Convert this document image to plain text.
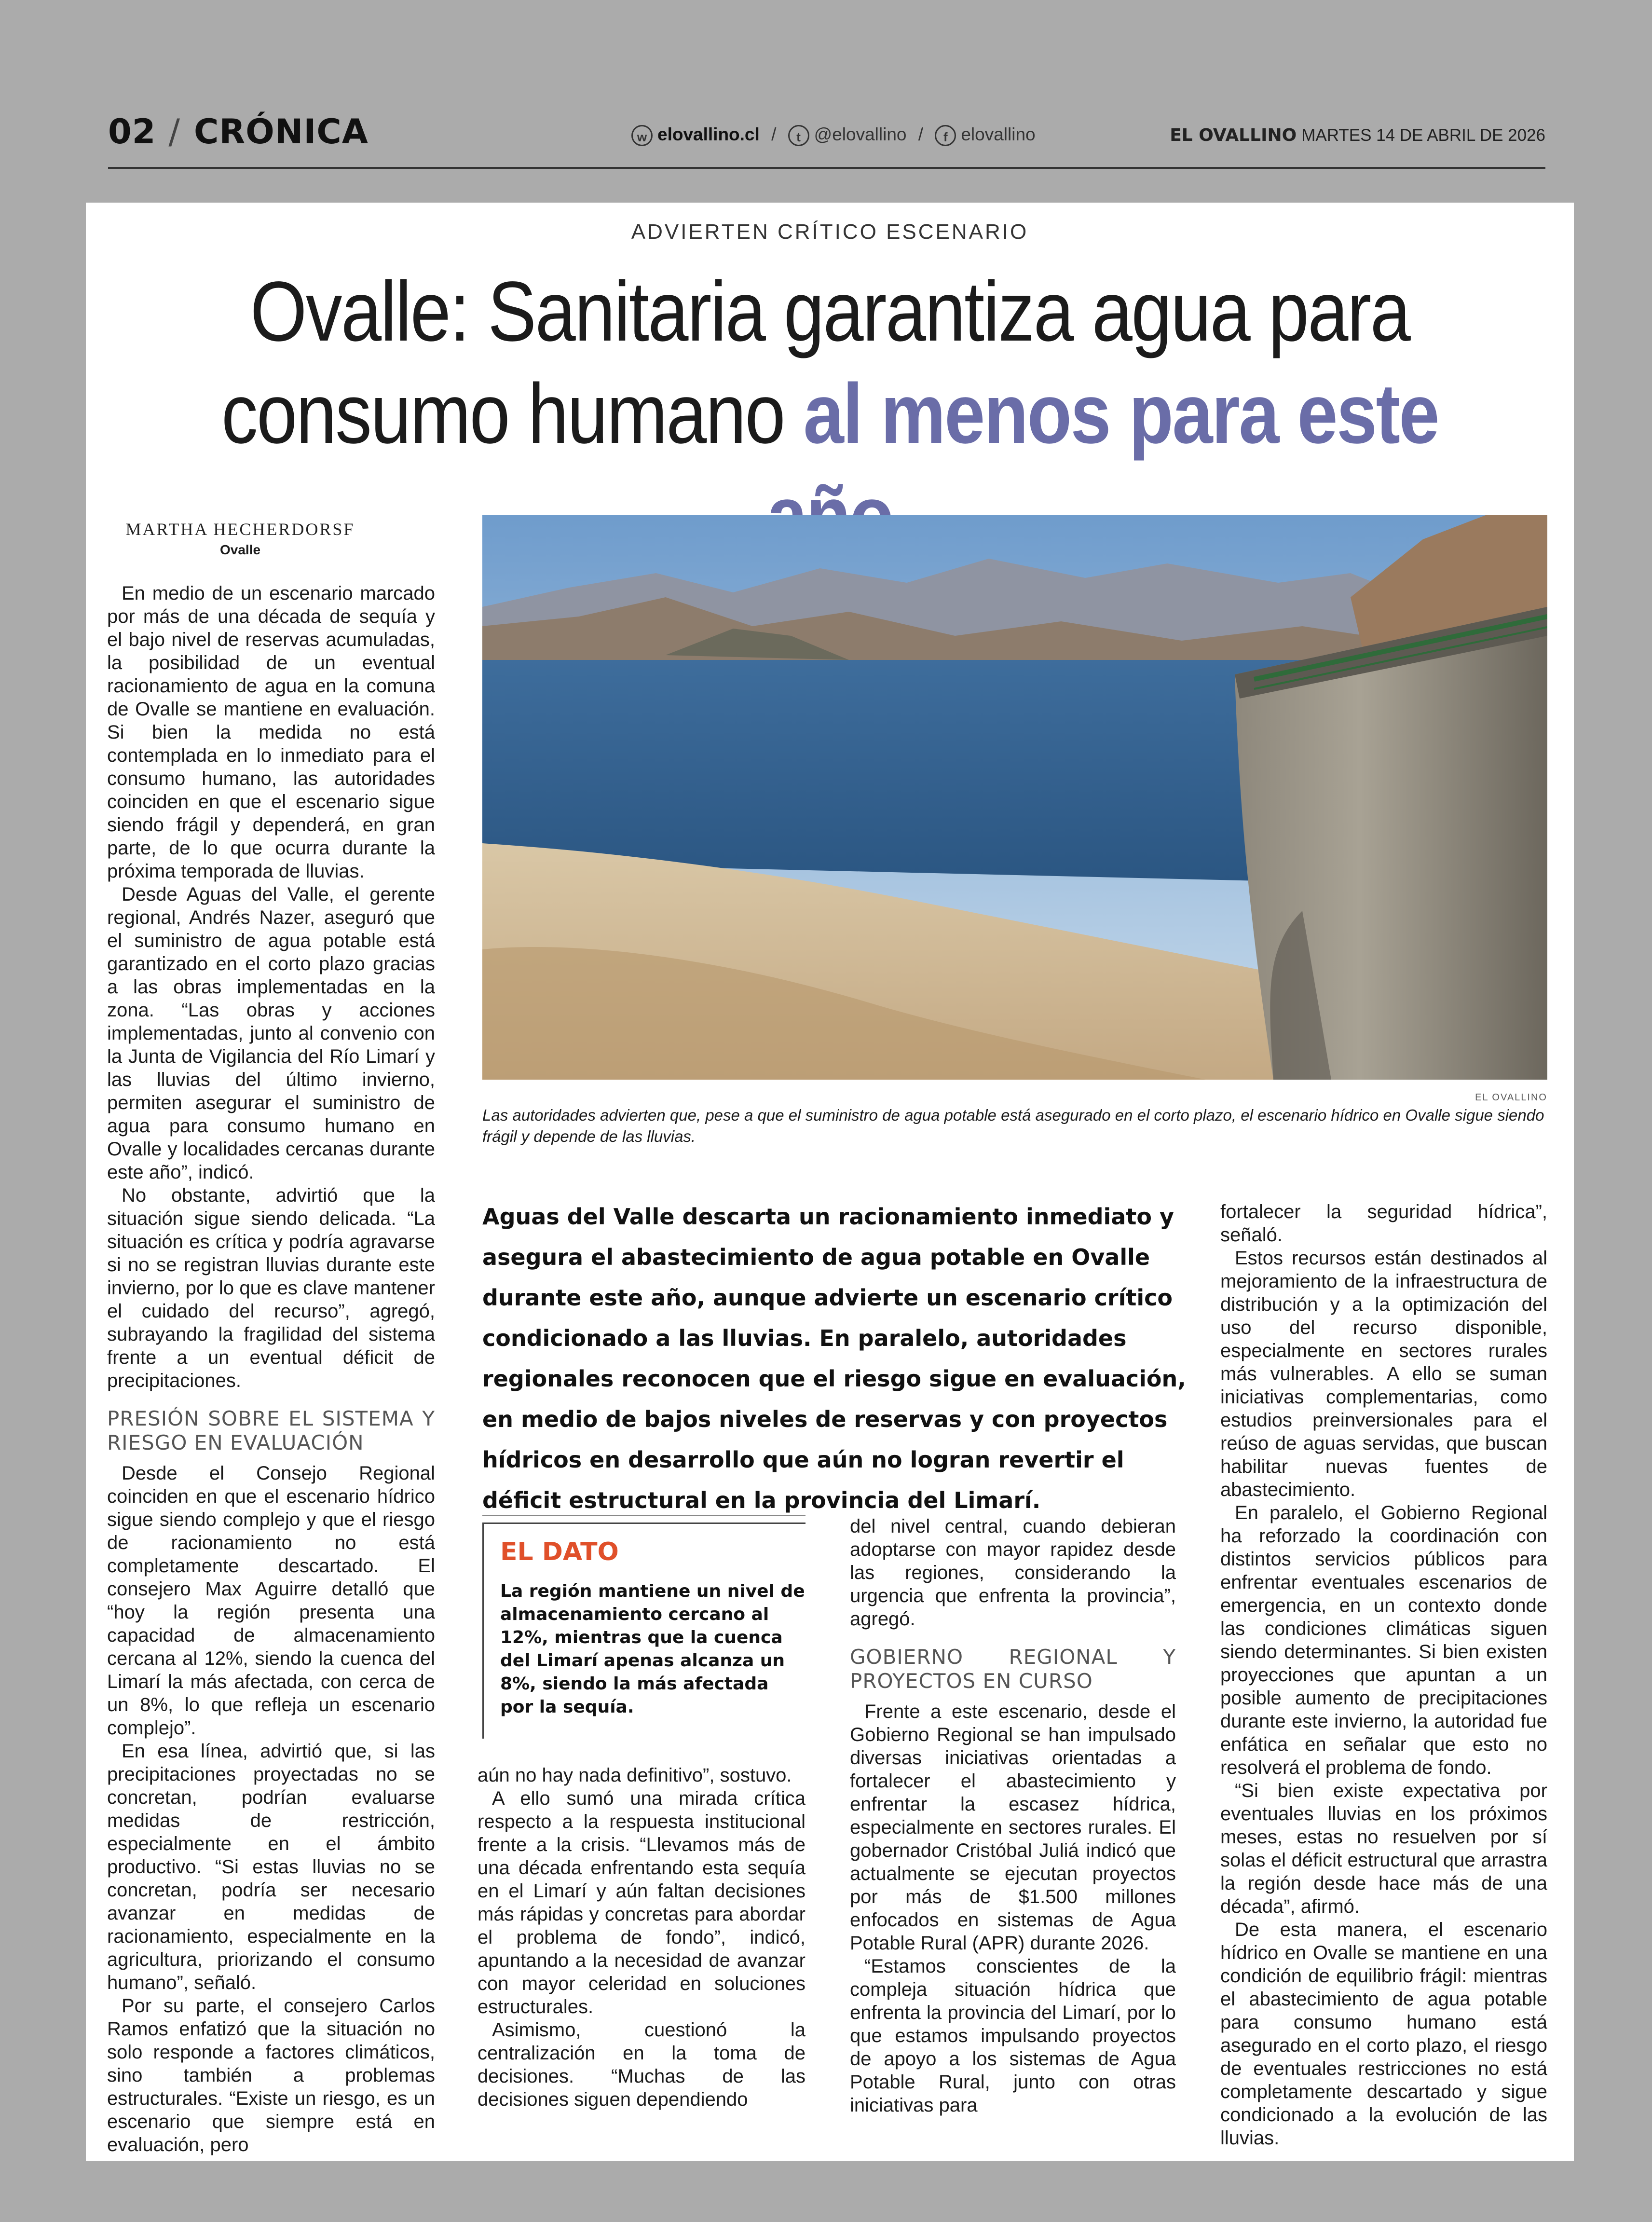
02 / CRÓNICA	w elovallino.cl / t @elovallino / f elovallino	EL OVALLINO MARTES 14 DE ABRIL DE 2026
ADVIERTEN CRÍTICO ESCENARIO
Ovalle: Sanitaria garantiza agua para consumo humano al menos para este
MARTHA HECHERDORSF
Ovalle

En medio de un escenario marcado por más de una década de sequía y el bajo nivel de reservas acumuladas, la posibilidad de un eventual racionamiento de agua en la comuna de Ovalle se mantiene en evaluación. Si bien la medida no está contemplada en lo inmediato para el consumo humano, las autoridades coinciden en que el escenario sigue siendo frágil y dependerá, en gran parte, de lo que ocurra durante la próxima temporada de lluvias.

Desde Aguas del Valle, el gerente regional, Andrés Nazer, aseguró que el suministro de agua potable está garantizado en el corto plazo gracias a las obras implementadas en la zona. “Las obras y acciones implementadas, junto al convenio con la Junta de Vigilancia del Río Limarí y las lluvias del último invierno, permiten asegurar el suministro de agua para consumo humano en Ovalle y localidades cercanas durante este año”, indicó.

No obstante, advirtió que la situación sigue siendo delicada. “La situación es crítica y podría agravarse si no se registran lluvias durante este invierno, por lo que es clave mantener el cuidado del recurso”, agregó, subrayando la fragilidad del sistema frente a un eventual déficit de precipitaciones.

PRESIÓN SOBRE EL SISTEMA Y RIESGO EN EVALUACIÓN

Desde el Consejo Regional coinciden en que el escenario hídrico sigue siendo complejo y que el riesgo de racionamiento no está completamente descartado. El consejero Max Aguirre detalló que “hoy la región presenta una capacidad de almacenamiento cercana al 12%, siendo la cuenca del Limarí la más afectada, con cerca de un 8%, lo que refleja un escenario complejo”.

En esa línea, advirtió que, si las precipitaciones proyectadas no se concretan, podrían evaluarse medidas de restricción, especialmente en el ámbito productivo. “Si estas lluvias no se concretan, podría ser necesario avanzar en medidas de racionamiento, especialmente en la agricultura, priorizando el consumo humano”, señaló.

Por su parte, el consejero Carlos Ramos enfatizó que la situación no solo responde a factores climáticos, sino también a problemas estructurales. “Existe un riesgo, es un escenario que siempre está en evaluación, pero

EL OVALLINO
Las autoridades advierten que, pese a que el suministro de agua potable está asegurado en el corto plazo, el escenario hídrico en Ovalle sigue siendo frágil y depende de las lluvias.
Aguas del Valle descarta un racionamiento inmediato y asegura el abastecimiento de agua potable en Ovalle durante este año, aunque advierte un escenario crítico condicionado a las lluvias. En paralelo, autoridades regionales reconocen que el riesgo sigue en evaluación, en medio de bajos niveles de reservas y con proyectos hídricos en desarrollo que aún no logran revertir el déficit estructural en la provincia del Limarí.
EL DATO

La región mantiene un nivel de almacenamiento cercano al 12%, mientras que la cuenca del Limarí apenas alcanza un 8%, siendo la más afectada por la sequía.

aún no hay nada definitivo”, sostuvo.

A ello sumó una mirada crítica respecto a la respuesta institucional frente a la crisis. “Llevamos más de una década enfrentando esta sequía en el Limarí y aún faltan decisiones más rápidas y concretas para abordar el problema de fondo”, indicó, apuntando a la necesidad de avanzar con mayor celeridad en soluciones estructurales.

Asimismo, cuestionó la centralización en la toma de decisiones. “Muchas de las decisiones siguen dependiendo

del nivel central, cuando debieran adoptarse con mayor rapidez desde las regiones, considerando la urgencia que enfrenta la provincia”, agregó.

GOBIERNO REGIONAL Y PROYECTOS EN CURSO

Frente a este escenario, desde el Gobierno Regional se han impulsado diversas iniciativas orientadas a fortalecer el abastecimiento y enfrentar la escasez hídrica, especialmente en sectores rurales. El gobernador Cristóbal Juliá indicó que actualmente se ejecutan proyectos por más de $1.500 millones enfocados en sistemas de Agua Potable Rural (APR) durante 2026.

“Estamos conscientes de la compleja situación hídrica que enfrenta la provincia del Limarí, por lo que estamos impulsando proyectos de apoyo a los sistemas de Agua Potable Rural, junto con otras iniciativas para

fortalecer la seguridad hídrica”, señaló.

Estos recursos están destinados al mejoramiento de la infraestructura de distribución y a la optimización del uso del recurso disponible, especialmente en sectores rurales más vulnerables. A ello se suman iniciativas complementarias, como estudios preinversionales para el reúso de aguas servidas, que buscan habilitar nuevas fuentes de abastecimiento.

En paralelo, el Gobierno Regional ha reforzado la coordinación con distintos servicios públicos para enfrentar eventuales escenarios de emergencia, en un contexto donde las condiciones climáticas siguen siendo determinantes. Si bien existen proyecciones que apuntan a un posible aumento de precipitaciones durante este invierno, la autoridad fue enfática en señalar que esto no resolverá el problema de fondo.

“Si bien existe expectativa por eventuales lluvias en los próximos meses, estas no resuelven por sí solas el déficit estructural que arrastra la región desde hace más de una década”, afirmó.

De esta manera, el escenario hídrico en Ovalle se mantiene en una condición de equilibrio frágil: mientras el abastecimiento de agua potable para consumo humano está asegurado en el corto plazo, el riesgo de eventuales restricciones no está completamente descartado y sigue condicionado a la evolución de las lluvias.
